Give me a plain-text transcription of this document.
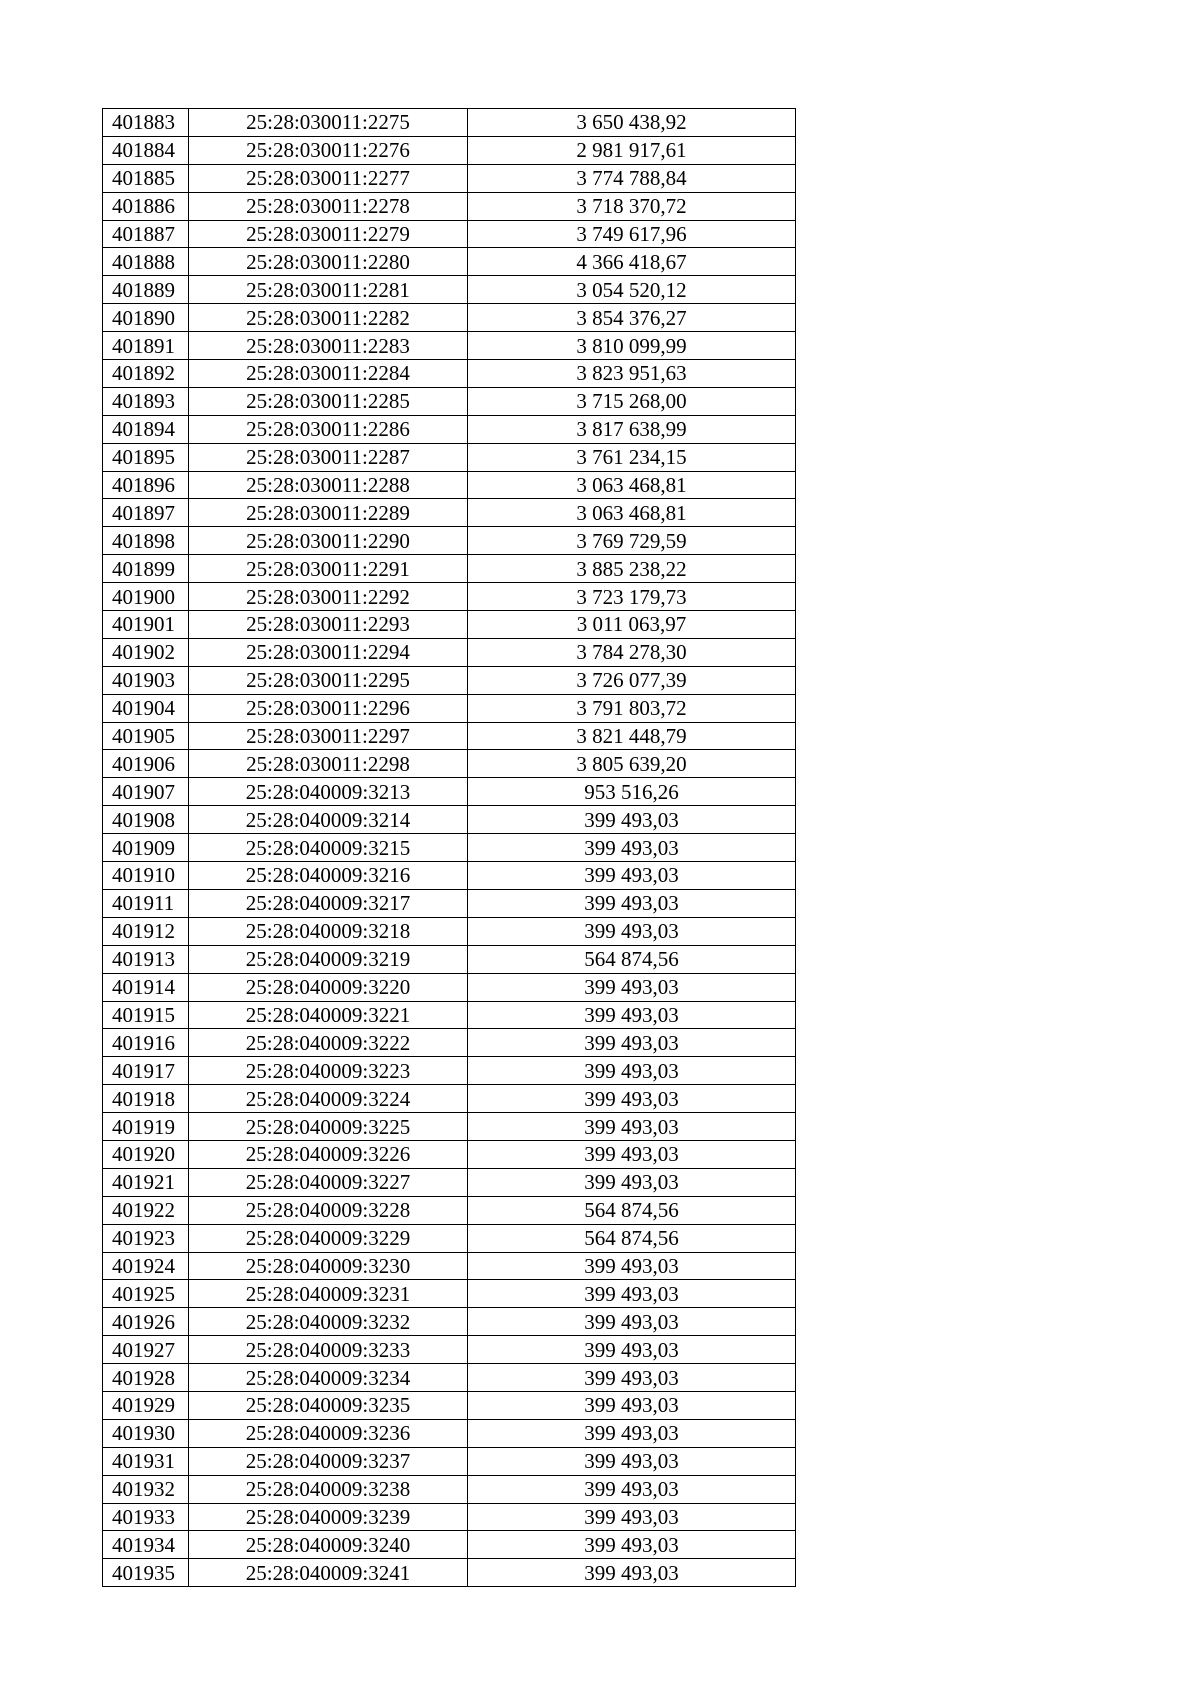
401883	25:28:030011:2275	3 650 438,92
401884	25:28:030011:2276	2 981 917,61
401885	25:28:030011:2277	3 774 788,84
401886	25:28:030011:2278	3 718 370,72
401887	25:28:030011:2279	3 749 617,96
401888	25:28:030011:2280	4 366 418,67
401889	25:28:030011:2281	3 054 520,12
401890	25:28:030011:2282	3 854 376,27
401891	25:28:030011:2283	3 810 099,99
401892	25:28:030011:2284	3 823 951,63
401893	25:28:030011:2285	3 715 268,00
401894	25:28:030011:2286	3 817 638,99
401895	25:28:030011:2287	3 761 234,15
401896	25:28:030011:2288	3 063 468,81
401897	25:28:030011:2289	3 063 468,81
401898	25:28:030011:2290	3 769 729,59
401899	25:28:030011:2291	3 885 238,22
401900	25:28:030011:2292	3 723 179,73
401901	25:28:030011:2293	3 011 063,97
401902	25:28:030011:2294	3 784 278,30
401903	25:28:030011:2295	3 726 077,39
401904	25:28:030011:2296	3 791 803,72
401905	25:28:030011:2297	3 821 448,79
401906	25:28:030011:2298	3 805 639,20
401907	25:28:040009:3213	953 516,26
401908	25:28:040009:3214	399 493,03
401909	25:28:040009:3215	399 493,03
401910	25:28:040009:3216	399 493,03
401911	25:28:040009:3217	399 493,03
401912	25:28:040009:3218	399 493,03
401913	25:28:040009:3219	564 874,56
401914	25:28:040009:3220	399 493,03
401915	25:28:040009:3221	399 493,03
401916	25:28:040009:3222	399 493,03
401917	25:28:040009:3223	399 493,03
401918	25:28:040009:3224	399 493,03
401919	25:28:040009:3225	399 493,03
401920	25:28:040009:3226	399 493,03
401921	25:28:040009:3227	399 493,03
401922	25:28:040009:3228	564 874,56
401923	25:28:040009:3229	564 874,56
401924	25:28:040009:3230	399 493,03
401925	25:28:040009:3231	399 493,03
401926	25:28:040009:3232	399 493,03
401927	25:28:040009:3233	399 493,03
401928	25:28:040009:3234	399 493,03
401929	25:28:040009:3235	399 493,03
401930	25:28:040009:3236	399 493,03
401931	25:28:040009:3237	399 493,03
401932	25:28:040009:3238	399 493,03
401933	25:28:040009:3239	399 493,03
401934	25:28:040009:3240	399 493,03
401935	25:28:040009:3241	399 493,03
